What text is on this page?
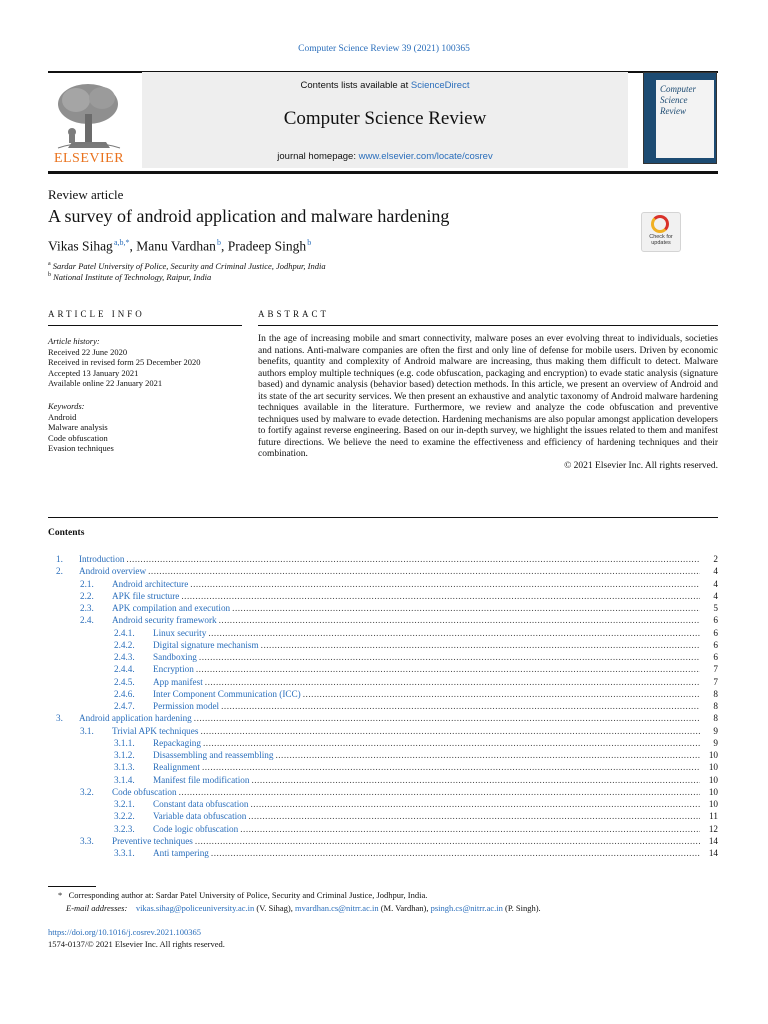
Computer Science Review 39 (2021) 100365
ELSEVIER
Contents lists available at ScienceDirect
Computer Science Review
journal homepage: www.elsevier.com/locate/cosrev
Computer
Science
Review
Review article
A survey of android application and malware hardening
Check for updates
Vikas Sihag $^{a,b,*}$, Manu Vardhan $^b$, Pradeep Singh $^b$
$^a$ Sardar Patel University of Police, Security and Criminal Justice, Jodhpur, India
$^b$ National Institute of Technology, Raipur, India
ARTICLE INFO	ABSTRACT
Article history:
Received 22 June 2020
Received in revised form 25 December 2020
Accepted 13 January 2021
Available online 22 January 2021
Keywords:
Android
Malware analysis
Code obfuscation
Evasion techniques
In the age of increasing mobile and smart connectivity, malware poses an ever evolving threat to individuals, societies and nations. Anti-malware companies are often the first and only line of defense for mobile users. Driven by economic benefits, quantity and complexity of Android malware are increasing, thus making them difficult to detect. Malware authors employ multiple techniques (e.g. code obfuscation, packaging and encryption) to evade static analysis (signature based) and dynamic analysis (behavior based) detection methods. In this article, we present an overview of Android and its state of the art security services. We then present an exhaustive and analytic taxonomy of Android malware hardening techniques available in the literature. Furthermore, we review and analyze the code obfuscation and preventive techniques used by malware to evade detection. Hardening mechanisms are also popular amongst application developers to fortify against reverse engineering. Based on our in-depth survey, we highlight the issues related to them and manifest future directions. We believe the need to examine the effectiveness and efficiency of hardening techniques and their combination.
© 2021 Elsevier Inc. All rights reserved.
Contents
1.	Introduction .....	2
2.	Android overview .....	4
2.1.	Android architecture .....	4
2.2.	APK file structure .....	4
2.3.	APK compilation and execution .....	5
2.4.	Android security framework .....	6
2.4.1.	Linux security .....	6
2.4.2.	Digital signature mechanism .....	6
2.4.3.	Sandboxing .....	6
2.4.4.	Encryption .....	7
2.4.5.	App manifest .....	7
2.4.6.	Inter Component Communication (ICC) .....	8
2.4.7.	Permission model .....	8
3.	Android application hardening .....	8
3.1.	Trivial APK techniques .....	9
3.1.1.	Repackaging .....	9
3.1.2.	Disassembling and reassembling .....	10
3.1.3.	Realignment .....	10
3.1.4.	Manifest file modification .....	10
3.2.	Code obfuscation .....	10
3.2.1.	Constant data obfuscation .....	10
3.2.2.	Variable data obfuscation .....	11
3.2.3.	Code logic obfuscation .....	12
3.3.	Preventive techniques .....	14
3.3.1.	Anti tampering .....	14
* Corresponding author at: Sardar Patel University of Police, Security and Criminal Justice, Jodhpur, India.
E-mail addresses: vikas.sihag@policeuniversity.ac.in (V. Sihag), mvardhan.cs@nitrr.ac.in (M. Vardhan), psingh.cs@nitrr.ac.in (P. Singh).
https://doi.org/10.1016/j.cosrev.2021.100365
1574-0137/© 2021 Elsevier Inc. All rights reserved.
